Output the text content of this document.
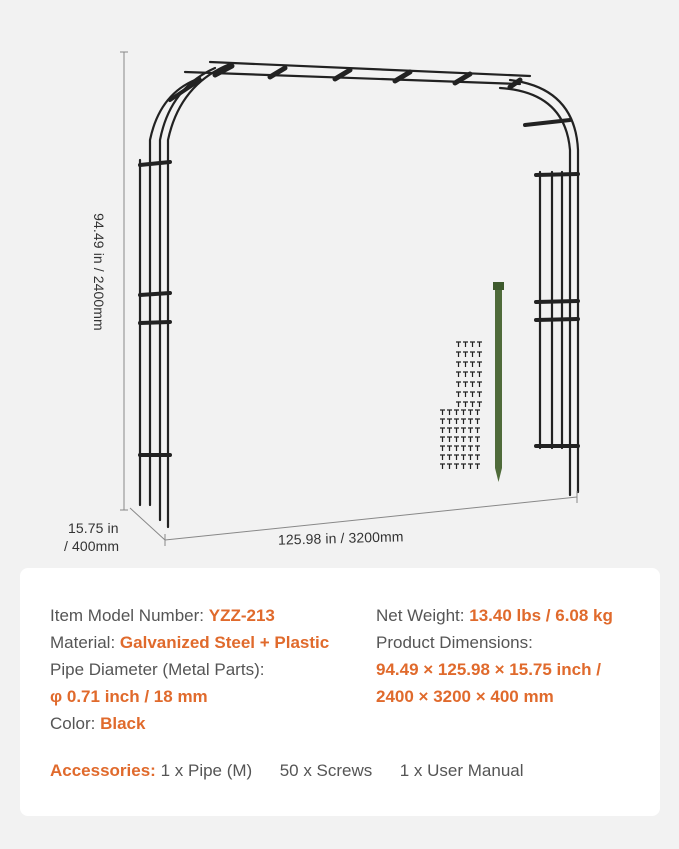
94.49 in / 2400mm
15.75 in
/ 400mm	125.98 in / 3200mm
Item Model Number: YZZ-213
Material: Galvanized Steel + Plastic
Pipe Diameter (Metal Parts):
φ 0.71 inch / 18 mm
Color: Black
Net Weight: 13.40 lbs / 6.08 kg
Product Dimensions:
94.49 × 125.98 × 15.75 inch /
2400 × 3200 × 400 mm
Accessories: 1 x Pipe (M) 50 x Screws 1 x User Manual
